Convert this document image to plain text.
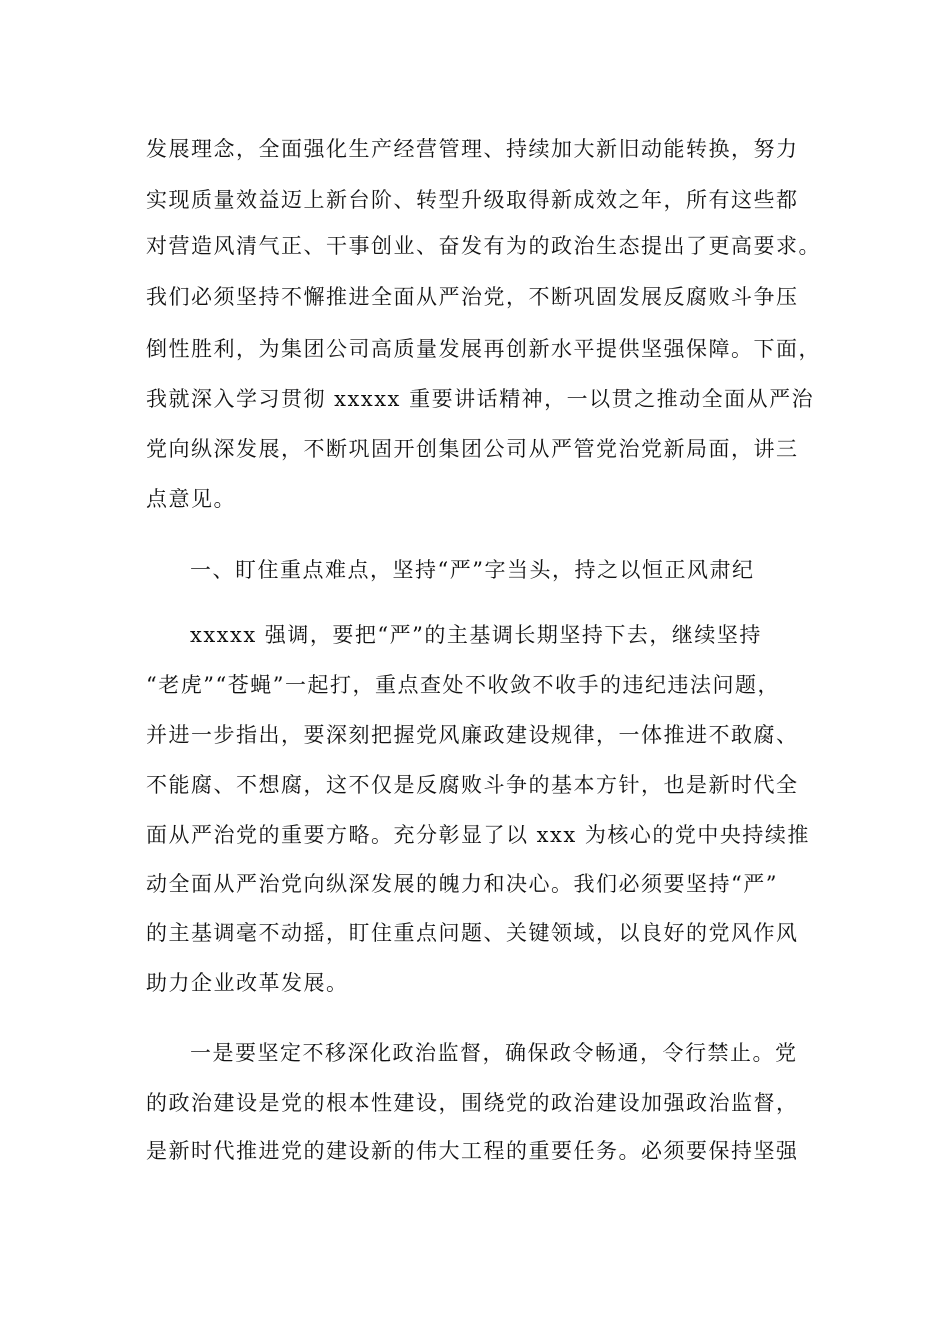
发展理念，全面强化生产经营管理、持续加大新旧动能转换，努力
实现质量效益迈上新台阶、转型升级取得新成效之年，所有这些都
对营造风清气正、干事创业、奋发有为的政治生态提出了更高要求。
我们必须坚持不懈推进全面从严治党，不断巩固发展反腐败斗争压
倒性胜利，为集团公司高质量发展再创新水平提供坚强保障。下面，
我就深入学习贯彻 xxxxx 重要讲话精神，一以贯之推动全面从严治
党向纵深发展，不断巩固开创集团公司从严管党治党新局面，讲三
点意见。
一、盯住重点难点，坚持“严”字当头，持之以恒正风肃纪
xxxxx 强调，要把“严”的主基调长期坚持下去，继续坚持
“老虎”“苍蝇”一起打，重点查处不收敛不收手的违纪违法问题，
并进一步指出，要深刻把握党风廉政建设规律，一体推进不敢腐、
不能腐、不想腐，这不仅是反腐败斗争的基本方针，也是新时代全
面从严治党的重要方略。充分彰显了以 xxx 为核心的党中央持续推
动全面从严治党向纵深发展的魄力和决心。我们必须要坚持“严”
的主基调毫不动摇，盯住重点问题、关键领域，以良好的党风作风
助力企业改革发展。
一是要坚定不移深化政治监督，确保政令畅通，令行禁止。党
的政治建设是党的根本性建设，围绕党的政治建设加强政治监督，
是新时代推进党的建设新的伟大工程的重要任务。必须要保持坚强
